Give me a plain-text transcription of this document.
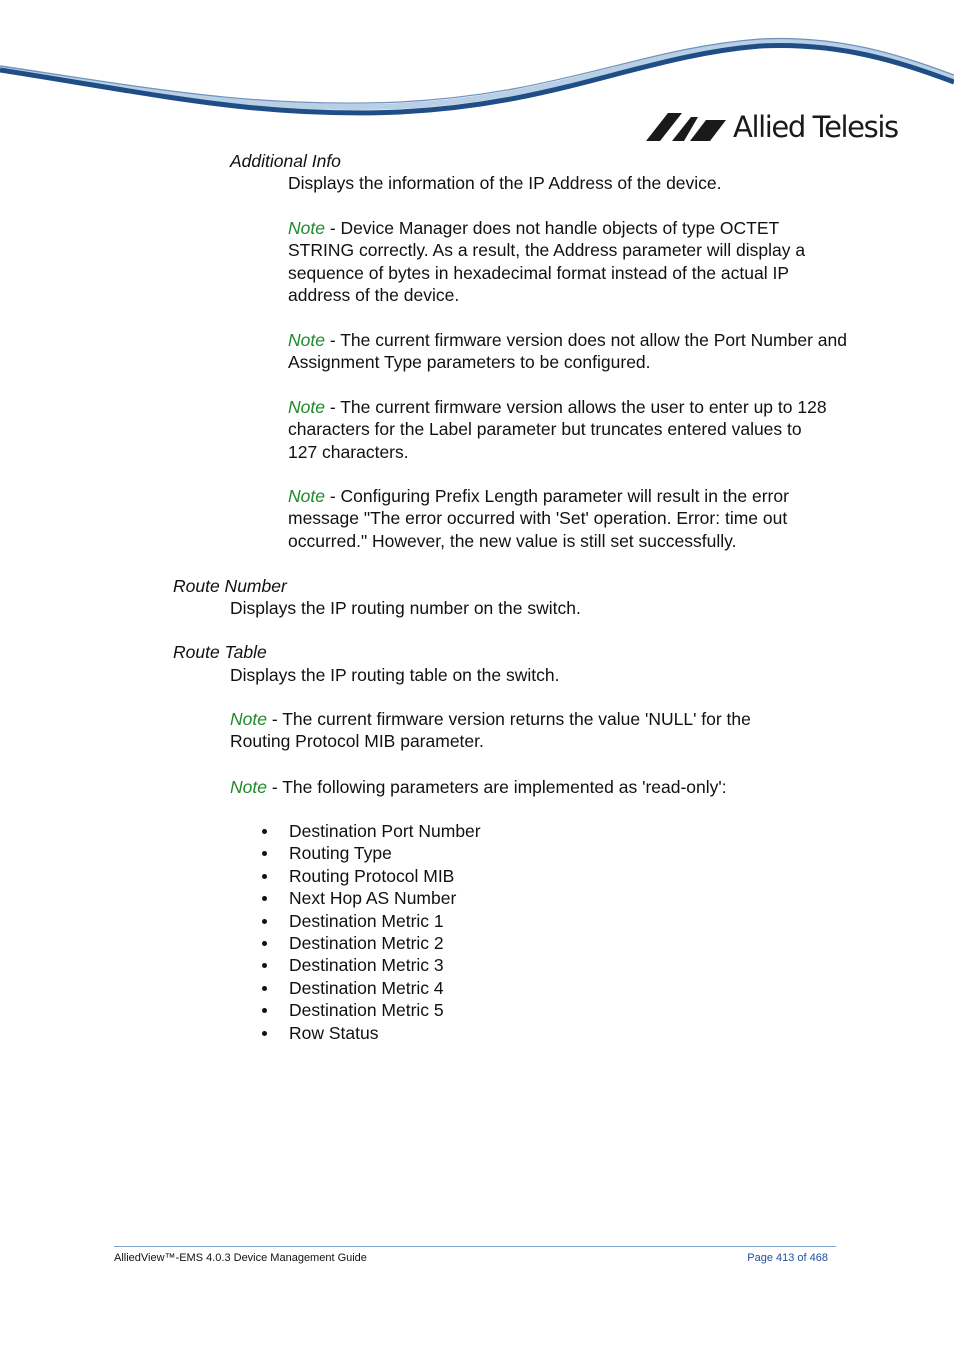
Allied Telesis

Additional Info

Displays the information of the IP Address of the device.

Note - Device Manager does not handle objects of type OCTET STRING correctly. As a result, the Address parameter will display a sequence of bytes in hexadecimal format instead of the actual IP address of the device.

Note - The current firmware version does not allow the Port Number and Assignment Type parameters to be configured.

Note - The current firmware version allows the user to enter up to 128 characters for the Label parameter but truncates entered values to 127 characters.

Note - Configuring Prefix Length parameter will result in the error message "The error occurred with 'Set' operation. Error: time out occurred." However, the new value is still set successfully.

Route Number

Displays the IP routing number on the switch.

Route Table

Displays the IP routing table on the switch.

Note - The current firmware version returns the value 'NULL' for the Routing Protocol MIB parameter.

Note - The following parameters are implemented as 'read-only':

Destination Port Number
Routing Type
Routing Protocol MIB
Next Hop AS Number
Destination Metric 1
Destination Metric 2
Destination Metric 3
Destination Metric 4
Destination Metric 5
Row Status
AlliedView™-EMS 4.0.3 Device Management Guide	Page 413 of 468
